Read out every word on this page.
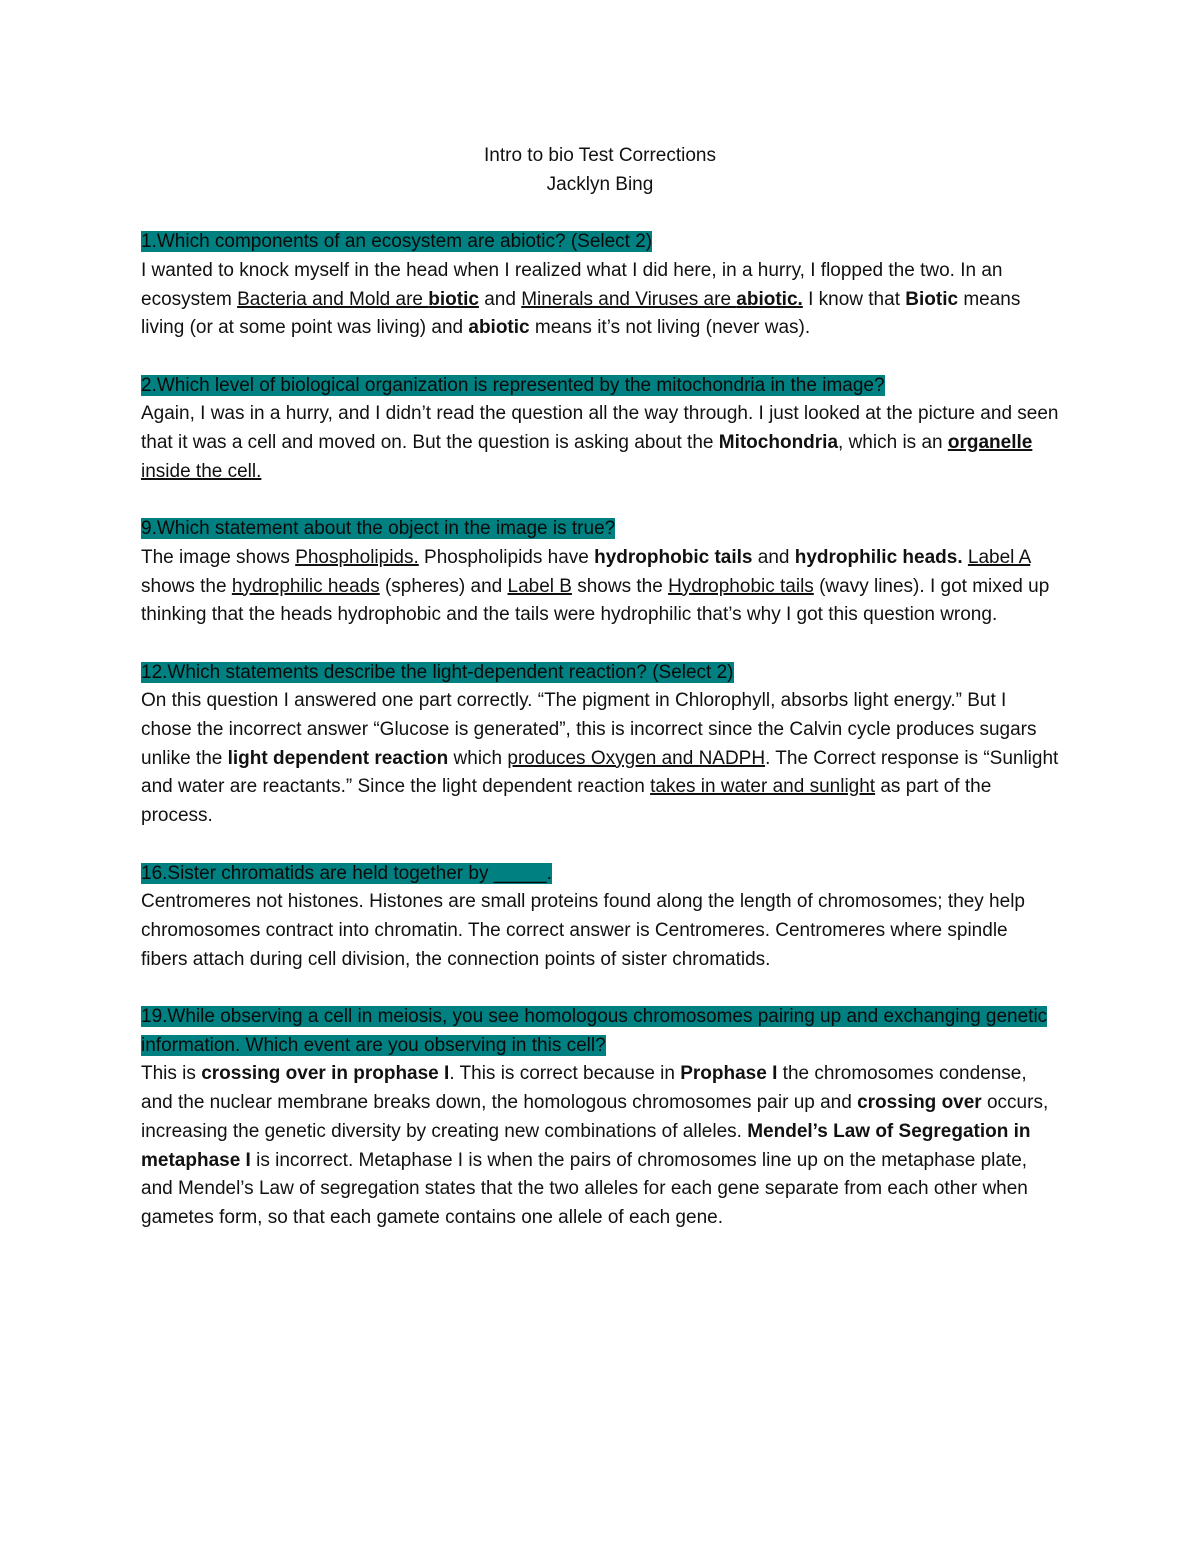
Intro to bio Test Corrections
Jacklyn Bing
1.Which components of an ecosystem are abiotic? (Select 2)
I wanted to knock myself in the head when I realized what I did here, in a hurry, I flopped the two. In an ecosystem Bacteria and Mold are biotic and Minerals and Viruses are abiotic. I know that Biotic means living (or at some point was living) and abiotic means it’s not living (never was).
2.Which level of biological organization is represented by the mitochondria in the image?
Again, I was in a hurry, and I didn’t read the question all the way through. I just looked at the picture and seen that it was a cell and moved on. But the question is asking about the Mitochondria, which is an organelle inside the cell.
9.Which statement about the object in the image is true?
The image shows Phospholipids. Phospholipids have hydrophobic tails and hydrophilic heads. Label A shows the hydrophilic heads (spheres) and Label B shows the Hydrophobic tails (wavy lines). I got mixed up thinking that the heads hydrophobic and the tails were hydrophilic that’s why I got this question wrong.
12.Which statements describe the light-dependent reaction? (Select 2)
On this question I answered one part correctly. “The pigment in Chlorophyll, absorbs light energy.” But I chose the incorrect answer “Glucose is generated”, this is incorrect since the Calvin cycle produces sugars unlike the light dependent reaction which produces Oxygen and NADPH. The Correct response is “Sunlight and water are reactants.” Since the light dependent reaction takes in water and sunlight as part of the process.
16.Sister chromatids are held together by _____.
Centromeres not histones. Histones are small proteins found along the length of chromosomes; they help chromosomes contract into chromatin. The correct answer is Centromeres. Centromeres where spindle fibers attach during cell division, the connection points of sister chromatids.
19.While observing a cell in meiosis, you see homologous chromosomes pairing up and exchanging genetic information. Which event are you observing in this cell?
This is crossing over in prophase I. This is correct because in Prophase I the chromosomes condense, and the nuclear membrane breaks down, the homologous chromosomes pair up and crossing over occurs, increasing the genetic diversity by creating new combinations of alleles. Mendel’s Law of Segregation in metaphase I is incorrect. Metaphase I is when the pairs of chromosomes line up on the metaphase plate, and Mendel’s Law of segregation states that the two alleles for each gene separate from each other when gametes form, so that each gamete contains one allele of each gene.
